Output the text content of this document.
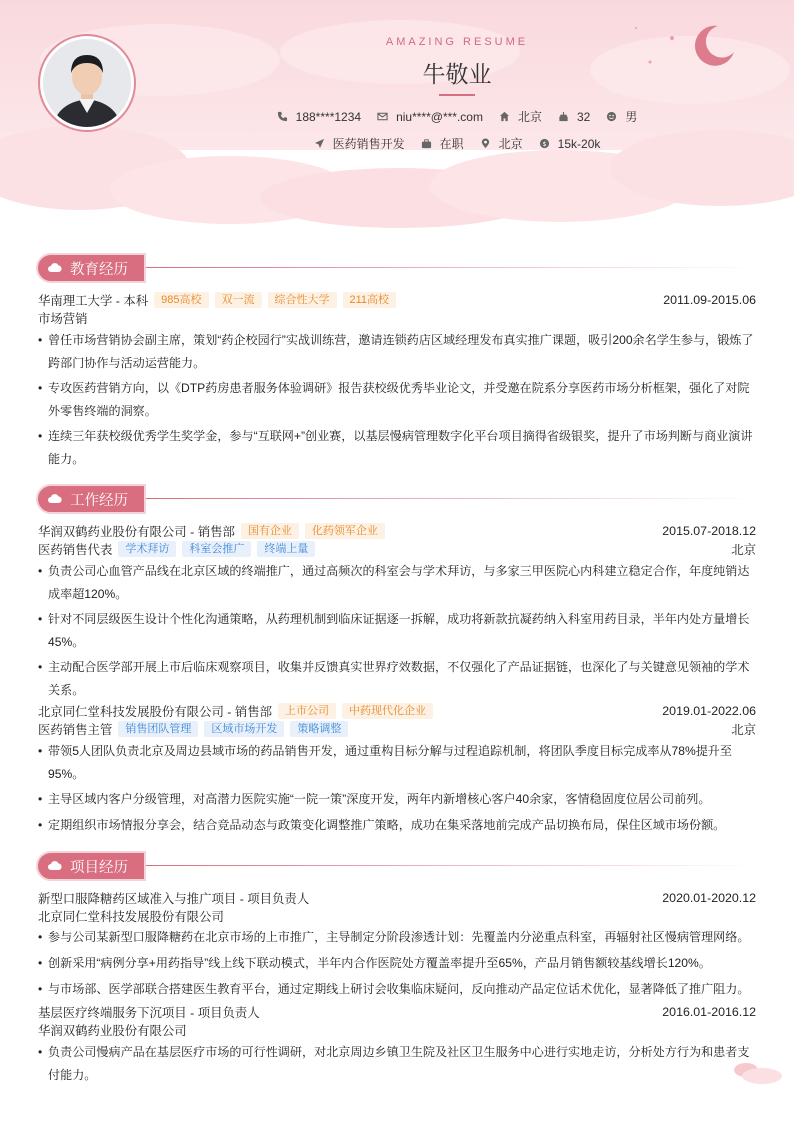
AMAZING RESUME
牛敬业
188****1234	niu****@***.com	北京	32	男
医药销售开发	在职	北京	$ 15k-20k
教育经历
华南理工大学 - 本科	985高校	双一流	综合性大学	211高校	2011.09-2015.06
市场营销
• 曾任市场营销协会副主席，策划“药企校园行”实战训练营，邀请连锁药店区域经理发布真实推广课题，吸引200余名学生参与，锻炼了跨部门协作与活动运营能力。
• 专攻医药营销方向，以《DTP药房患者服务体验调研》报告获校级优秀毕业论文，并受邀在院系分享医药市场分析框架，强化了对院外零售终端的洞察。
• 连续三年获校级优秀学生奖学金，参与“互联网+”创业赛，以基层慢病管理数字化平台项目摘得省级银奖，提升了市场判断与商业演讲能力。
工作经历
华润双鹤药业股份有限公司 - 销售部	国有企业	化药领军企业	2015.07-2018.12
医药销售代表	学术拜访	科室会推广	终端上量	北京
• 负责公司心血管产品线在北京区域的终端推广，通过高频次的科室会与学术拜访，与多家三甲医院心内科建立稳定合作，年度纯销达成率超120%。
• 针对不同层级医生设计个性化沟通策略，从药理机制到临床证据逐一拆解，成功将新款抗凝药纳入科室用药目录，半年内处方量增长45%。
• 主动配合医学部开展上市后临床观察项目，收集并反馈真实世界疗效数据，不仅强化了产品证据链，也深化了与关键意见领袖的学术关系。
北京同仁堂科技发展股份有限公司 - 销售部	上市公司	中药现代化企业	2019.01-2022.06
医药销售主管	销售团队管理	区域市场开发	策略调整	北京
• 带领5人团队负责北京及周边县域市场的药品销售开发，通过重构目标分解与过程追踪机制，将团队季度目标完成率从78%提升至95%。
• 主导区域内客户分级管理，对高潜力医院实施“一院一策”深度开发，两年内新增核心客户40余家，客情稳固度位居公司前列。
• 定期组织市场情报分享会，结合竞品动态与政策变化调整推广策略，成功在集采落地前完成产品切换布局，保住区域市场份额。
项目经历
新型口服降糖药区域准入与推广项目 - 项目负责人	2020.01-2020.12
北京同仁堂科技发展股份有限公司
• 参与公司某新型口服降糖药在北京市场的上市推广，主导制定分阶段渗透计划：先覆盖内分泌重点科室，再辐射社区慢病管理网络。
• 创新采用“病例分享+用药指导”线上线下联动模式，半年内合作医院处方覆盖率提升至65%，产品月销售额较基线增长120%。
• 与市场部、医学部联合搭建医生教育平台，通过定期线上研讨会收集临床疑问，反向推动产品定位话术优化，显著降低了推广阻力。
基层医疗终端服务下沉项目 - 项目负责人	2016.01-2016.12
华润双鹤药业股份有限公司
• 负责公司慢病产品在基层医疗市场的可行性调研，对北京周边乡镇卫生院及社区卫生服务中心进行实地走访，分析处方行为和患者支付能力。
